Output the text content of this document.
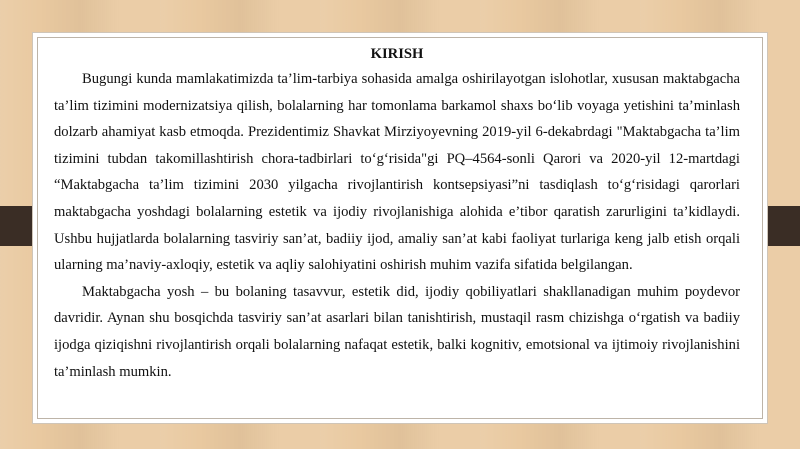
KIRISH

Bugungi kunda mamlakatimizda ta’lim-tarbiya sohasida amalga oshirilayotgan islohotlar, xususan maktabgacha ta’lim tizimini modernizatsiya qilish, bolalarning har tomonlama barkamol shaxs bo‘lib voyaga yetishini ta’minlash dolzarb ahamiyat kasb etmoqda. Prezidentimiz Shavkat Mirziyoyevning 2019-yil 6-dekabrdagi "Maktabgacha ta’lim tizimini tubdan takomillashtirish chora-tadbirlari to‘g‘risida"gi PQ–4564-sonli Qarori va 2020-yil 12-martdagi “Maktabgacha ta’lim tizimini 2030 yilgacha rivojlantirish kontsepsiyasi”ni tasdiqlash to‘g‘risidagi qarorlari maktabgacha yoshdagi bolalarning estetik va ijodiy rivojlanishiga alohida e’tibor qaratish zarurligini ta’kidlaydi. Ushbu hujjatlarda bolalarning tasviriy san’at, badiiy ijod, amaliy san’at kabi faoliyat turlariga keng jalb etish orqali ularning ma’naviy-axloqiy, estetik va aqliy salohiyatini oshirish muhim vazifa sifatida belgilangan.

Maktabgacha yosh – bu bolaning tasavvur, estetik did, ijodiy qobiliyatlari shakllanadigan muhim poydevor davridir. Aynan shu bosqichda tasviriy san’at asarlari bilan tanishtirish, mustaqil rasm chizishga o‘rgatish va badiiy ijodga qiziqishni rivojlantirish orqali bolalarning nafaqat estetik, balki kognitiv, emotsional va ijtimoiy rivojlanishini ta’minlash mumkin.
